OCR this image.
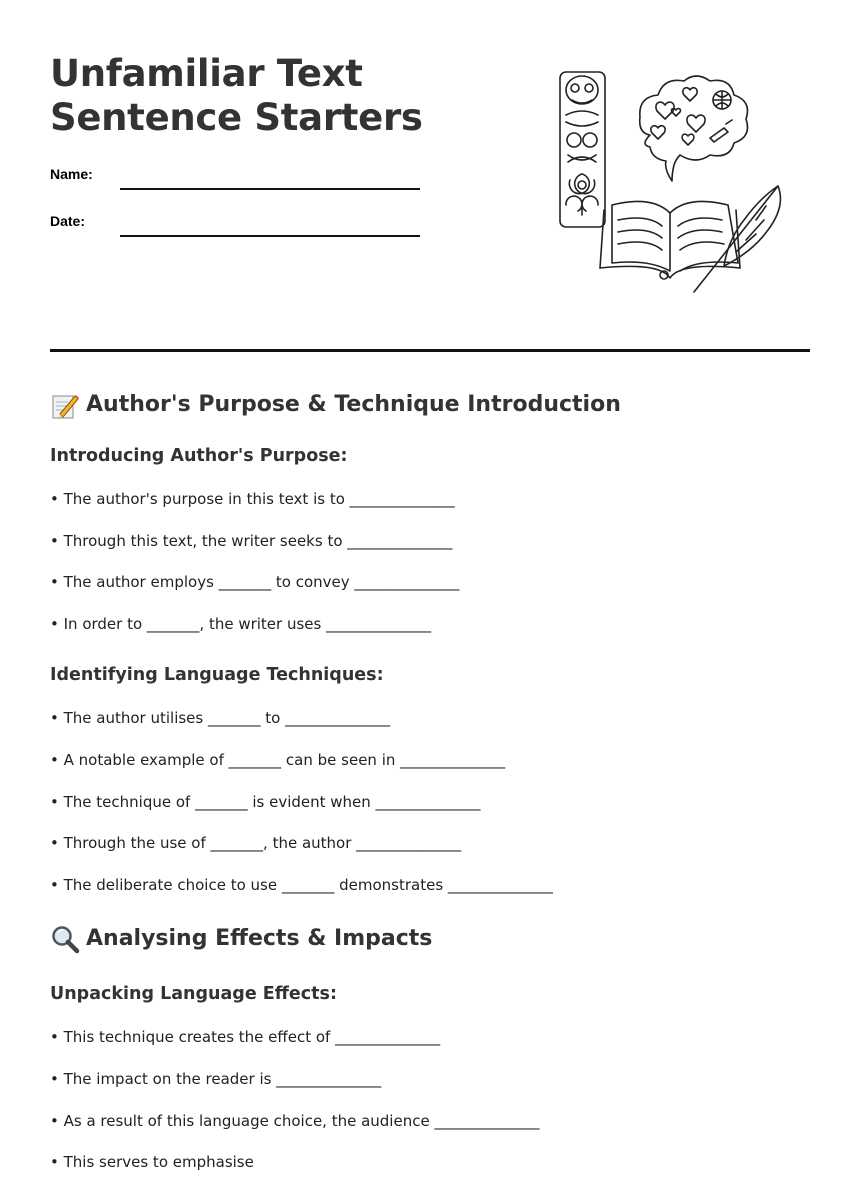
Unfamiliar Text
Sentence Starters
Name:
Date:
Author's Purpose & Technique Introduction
Introducing Author's Purpose:
• The author's purpose in this text is to ______________
• Through this text, the writer seeks to ______________
• The author employs _______ to convey ______________
• In order to _______, the writer uses ______________
Identifying Language Techniques:
• The author utilises _______ to ______________
• A notable example of _______ can be seen in ______________
• The technique of _______ is evident when ______________
• Through the use of _______, the author ______________
• The deliberate choice to use _______ demonstrates ______________
Analysing Effects & Impacts
Unpacking Language Effects:
• This technique creates the effect of ______________
• The impact on the reader is ______________
• As a result of this language choice, the audience ______________
• This serves to emphasise
